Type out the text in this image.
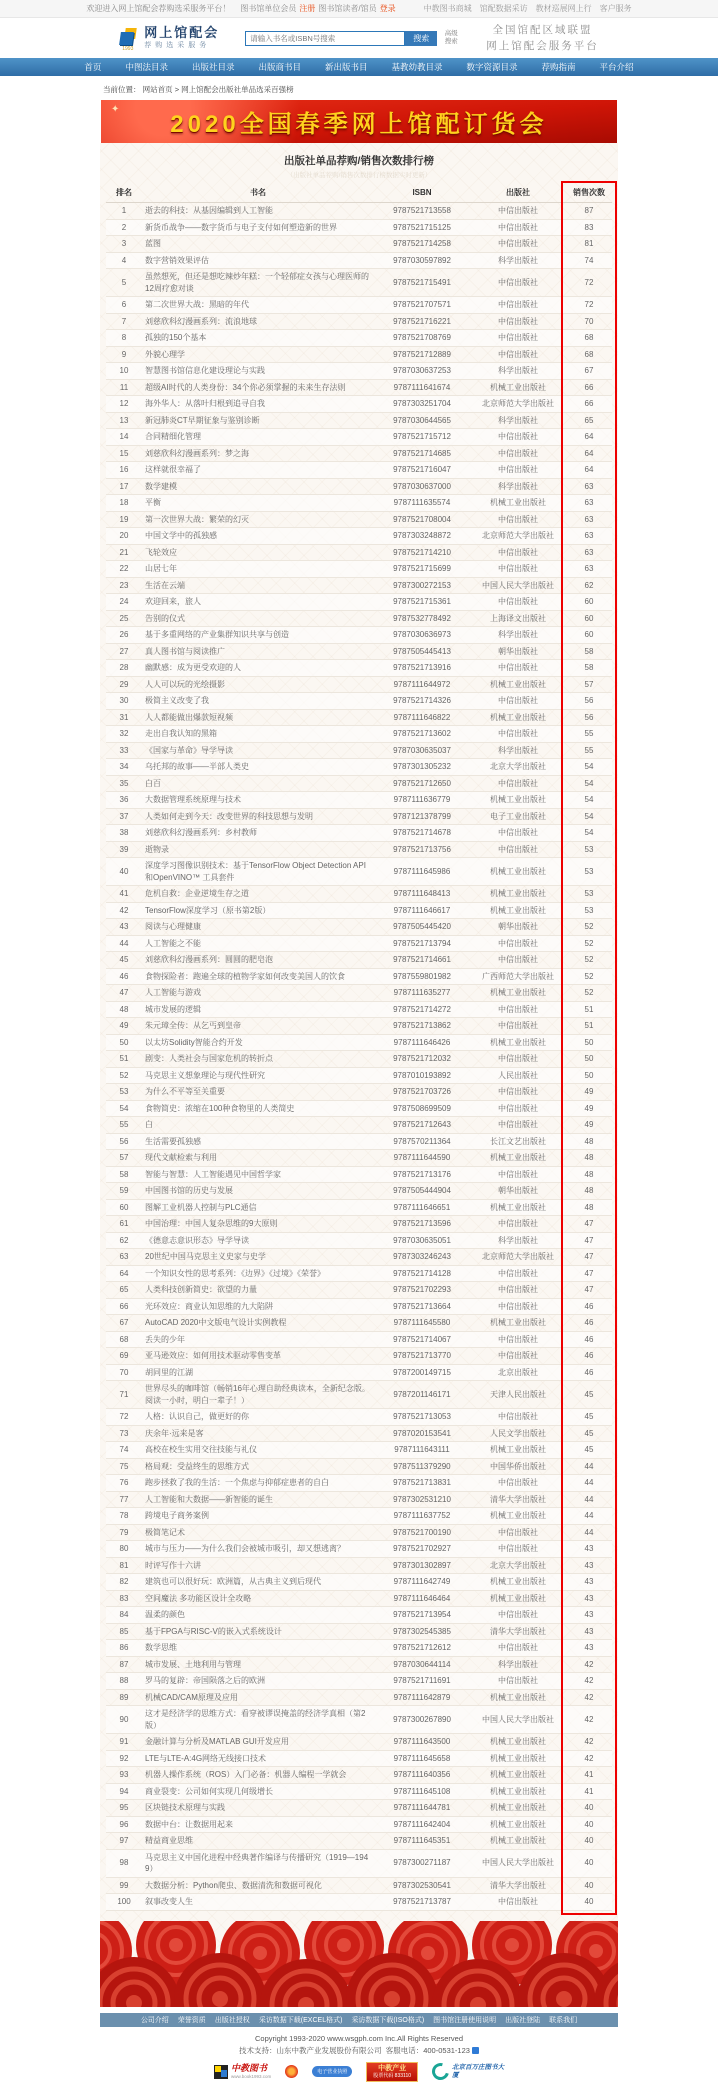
欢迎进入网上馆配会荐购选采服务平台！ 图书馆单位会员 注册 图书馆读者/馆员 登录	中教图书商城 馆配数据采访 教材巡展网上行 客户服务
1993
网上馆配会
荐购选采服务
请输入书名或ISBN号搜索
搜索	高级搜索
全国馆配区域联盟
网上馆配会服务平台
首页	中图法目录	出版社目录	出版商书目	新出版书目	基教幼教目录	数字资源目录	荐购指南	平台介绍
当前位置： 网站首页 > 网上馆配会出版社单品选采百强榜
✦
2020全国春季网上馆配订货会
出版社单品荐购/销售次数排行榜
（出版社单品荐购/销售次数排行榜数据实时更新）
排名	书名	ISBN	出版社	销售次数
1	逝去的科技：从基因编辑到人工智能	9787521713558	中信出版社	87
2	新货币战争——数字货币与电子支付如何塑造新的世界	9787521715125	中信出版社	83
3	蓝图	9787521714258	中信出版社	81
4	数字营销效果评估	9787030597892	科学出版社	74
5	虽然想死，但还是想吃辣炒年糕：一个轻郁症女孩与心理医师的12周疗愈对谈	9787521715491	中信出版社	72
6	第二次世界大战：黑暗的年代	9787521707571	中信出版社	72
7	刘慈欣科幻漫画系列：流浪地球	9787521716221	中信出版社	70
8	孤独的150个基本	9787521708769	中信出版社	68
9	外貌心理学	9787521712889	中信出版社	68
10	智慧图书馆信息化建设理论与实践	9787030637253	科学出版社	67
11	超级AI时代的人类身份：34个你必须掌握的未来生存法则	9787111641674	机械工业出版社	66
12	海外华人：从落叶归根到追寻自我	9787303251704	北京师范大学出版社	66
13	新冠肺炎CT早期征象与鉴别诊断	9787030644565	科学出版社	65
14	合同精细化管理	9787521715712	中信出版社	64
15	刘慈欣科幻漫画系列：梦之海	9787521714685	中信出版社	64
16	这样就很幸福了	9787521716047	中信出版社	64
17	数学建模	9787030637000	科学出版社	63
18	平衡	9787111635574	机械工业出版社	63
19	第一次世界大战：繁荣的幻灭	9787521708004	中信出版社	63
20	中国文学中的孤独感	9787303248872	北京师范大学出版社	63
21	飞轮效应	9787521714210	中信出版社	63
22	山居七年	9787521715699	中信出版社	63
23	生活在云端	9787300272153	中国人民大学出版社	62
24	欢迎回来，旅人	9787521715361	中信出版社	60
25	告别的仪式	9787532778492	上海译文出版社	60
26	基于多重网络的产业集群知识共享与创造	9787030636973	科学出版社	60
27	真人图书馆与阅读推广	9787505445413	朝华出版社	58
28	幽默感：成为更受欢迎的人	9787521713916	中信出版社	58
29	人人可以玩的光绘摄影	9787111644972	机械工业出版社	57
30	极简主义改变了我	9787521714326	中信出版社	56
31	人人都能做出爆款短视频	9787111646822	机械工业出版社	56
32	走出自我认知的黑箱	9787521713602	中信出版社	55
33	《国家与革命》导学导读	9787030635037	科学出版社	55
34	乌托邦的故事——半部人类史	9787301305232	北京大学出版社	54
35	白百	9787521712650	中信出版社	54
36	大数据管理系统原理与技术	9787111636779	机械工业出版社	54
37	人类如何走到今天：改变世界的科技思想与发明	9787121378799	电子工业出版社	54
38	刘慈欣科幻漫画系列：乡村教师	9787521714678	中信出版社	54
39	逝物录	9787521713756	中信出版社	53
40	深度学习图像识别技术：基于TensorFlow Object Detection API和OpenVINO™ 工具套件	9787111645986	机械工业出版社	53
41	危机自救：企业逆境生存之道	9787111648413	机械工业出版社	53
42	TensorFlow深度学习（原书第2版）	9787111646617	机械工业出版社	53
43	阅读与心理健康	9787505445420	朝华出版社	52
44	人工智能之不能	9787521713794	中信出版社	52
45	刘慈欣科幻漫画系列：圆圆的肥皂泡	9787521714661	中信出版社	52
46	食物探险者：跑遍全球的植物学家如何改变美国人的饮食	9787559801982	广西师范大学出版社	52
47	人工智能与游戏	9787111635277	机械工业出版社	52
48	城市发展的逻辑	9787521714272	中信出版社	51
49	朱元璋全传：从乞丐到皇帝	9787521713862	中信出版社	51
50	以太坊Solidity智能合约开发	9787111646426	机械工业出版社	50
51	剧变：人类社会与国家危机的转折点	9787521712032	中信出版社	50
52	马克思主义想象理论与现代性研究	9787010193892	人民出版社	50
53	为什么不平等至关重要	9787521703726	中信出版社	49
54	食物简史：浓缩在100种食物里的人类简史	9787508699509	中信出版社	49
55	白	9787521712643	中信出版社	49
56	生活需要孤独感	9787570211364	长江文艺出版社	48
57	现代文献检索与利用	9787111644590	机械工业出版社	48
58	智能与智慧：人工智能遇见中国哲学家	9787521713176	中信出版社	48
59	中国图书馆的历史与发展	9787505444904	朝华出版社	48
60	图解工业机器人控制与PLC通信	9787111646651	机械工业出版社	48
61	中国治理：中国人复杂思维的9大原则	9787521713596	中信出版社	47
62	《德意志意识形态》导学导读	9787030635051	科学出版社	47
63	20世纪中国马克思主义史家与史学	9787303246243	北京师范大学出版社	47
64	一个知识女性的思考系列：《边界》《过境》《荣誉》	9787521714128	中信出版社	47
65	人类科技创新简史：欲望的力量	9787521702293	中信出版社	47
66	光环效应：商业认知思维的九大陷阱	9787521713664	中信出版社	46
67	AutoCAD 2020中文版电气设计实例教程	9787111645580	机械工业出版社	46
68	丢失的少年	9787521714067	中信出版社	46
69	亚马逊效应：如何用技术驱动零售变革	9787521713770	中信出版社	46
70	胡同里的江湖	9787200149715	北京出版社	46
71	世界尽头的咖啡馆（畅销16年心理自助经典读本，全新纪念版。阅读一小时，明白一辈子！）	9787201146171	天津人民出版社	45
72	人格：认识自己，做更好的你	9787521713053	中信出版社	45
73	庆余年·远来是客	9787020153541	人民文学出版社	45
74	高校在校生实用交往技能与礼仪	9787111643111	机械工业出版社	45
75	格局观：受益终生的思维方式	9787511379290	中国华侨出版社	44
76	跑步拯救了我的生活：一个焦虑与抑郁症患者的自白	9787521713831	中信出版社	44
77	人工智能和大数据——新智能的诞生	9787302531210	清华大学出版社	44
78	跨境电子商务案例	9787111637752	机械工业出版社	44
79	极简笔记术	9787521700190	中信出版社	44
80	城市与压力——为什么我们会被城市吸引，却又想逃离？	9787521702927	中信出版社	43
81	时评写作十六讲	9787301302897	北京大学出版社	43
82	建筑也可以很好玩：欧洲篇，从古典主义到后现代	9787111642749	机械工业出版社	43
83	空间魔法 多功能区设计全攻略	9787111646464	机械工业出版社	43
84	温柔的颜色	9787521713954	中信出版社	43
85	基于FPGA与RISC-V的嵌入式系统设计	9787302545385	清华大学出版社	43
86	数学思维	9787521712612	中信出版社	43
87	城市发展、土地利用与管理	9787030644114	科学出版社	42
88	罗马的复辟：帝国陨落之后的欧洲	9787521711691	中信出版社	42
89	机械CAD/CAM原理及应用	9787111642879	机械工业出版社	42
90	这才是经济学的思维方式：看穿被谬误掩盖的经济学真相（第2版）	9787300267890	中国人民大学出版社	42
91	金融计算与分析及MATLAB GUI开发应用	9787111643500	机械工业出版社	42
92	LTE与LTE-A:4G网络无线接口技术	9787111645658	机械工业出版社	42
93	机器人操作系统（ROS）入门必备：机器人编程一学就会	9787111640356	机械工业出版社	41
94	商业裂变：公司如何实现几何级增长	9787111645108	机械工业出版社	41
95	区块链技术原理与实践	9787111644781	机械工业出版社	40
96	数据中台：让数据用起来	9787111642404	机械工业出版社	40
97	精益商业思维	9787111645351	机械工业出版社	40
98	马克思主义中国化进程中经典著作编译与传播研究（1919—1949）	9787300271187	中国人民大学出版社	40
99	大数据分析：Python爬虫、数据清洗和数据可视化	9787302530541	清华大学出版社	40
100	叙事改变人生	9787521713787	中信出版社	40
公司介绍 荣誉资质 出版社授权 采访数据下载(EXCEL格式) 采访数据下载(ISO格式) 图书馆注册使用说明 出版社登陆 联系我们
Copyright 1993-2020 www.wsgph.com Inc.All Rights Reserved
技术支持：山东中教产业发展股份有限公司 客服电话：400-0531-123
中教图书
www.book1993.com
电子营业执照
中教产业
股票代码 833110
北京百万庄图书大厦
